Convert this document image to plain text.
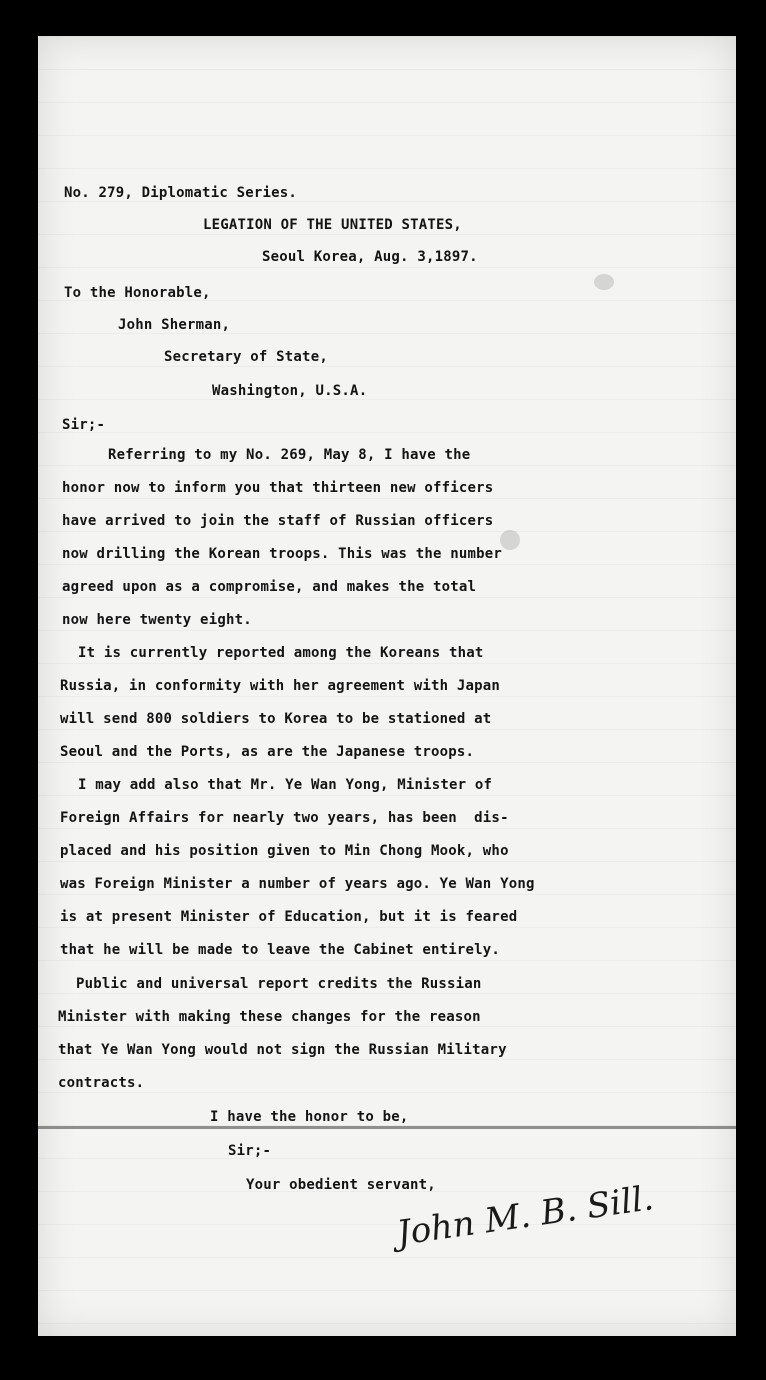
No. 279, Diplomatic Series.
LEGATION OF THE UNITED STATES,
Seoul Korea, Aug. 3,1897.
To the Honorable,
John Sherman,
Secretary of State,
Washington, U.S.A.
Sir;-
Referring to my No. 269, May 8, I have the
honor now to inform you that thirteen new officers
have arrived to join the staff of Russian officers
now drilling the Korean troops. This was the number
agreed upon as a compromise, and makes the total
now here twenty eight.
It is currently reported among the Koreans that
Russia, in conformity with her agreement with Japan
will send 800 soldiers to Korea to be stationed at
Seoul and the Ports, as are the Japanese troops.
I may add also that Mr. Ye Wan Yong, Minister of
Foreign Affairs for nearly two years, has been  dis-
placed and his position given to Min Chong Mook, who
was Foreign Minister a number of years ago. Ye Wan Yong
is at present Minister of Education, but it is feared
that he will be made to leave the Cabinet entirely.
Public and universal report credits the Russian
Minister with making these changes for the reason
that Ye Wan Yong would not sign the Russian Military
contracts.
I have the honor to be,
Sir;-
Your obedient servant,
John M. B. Sill.
